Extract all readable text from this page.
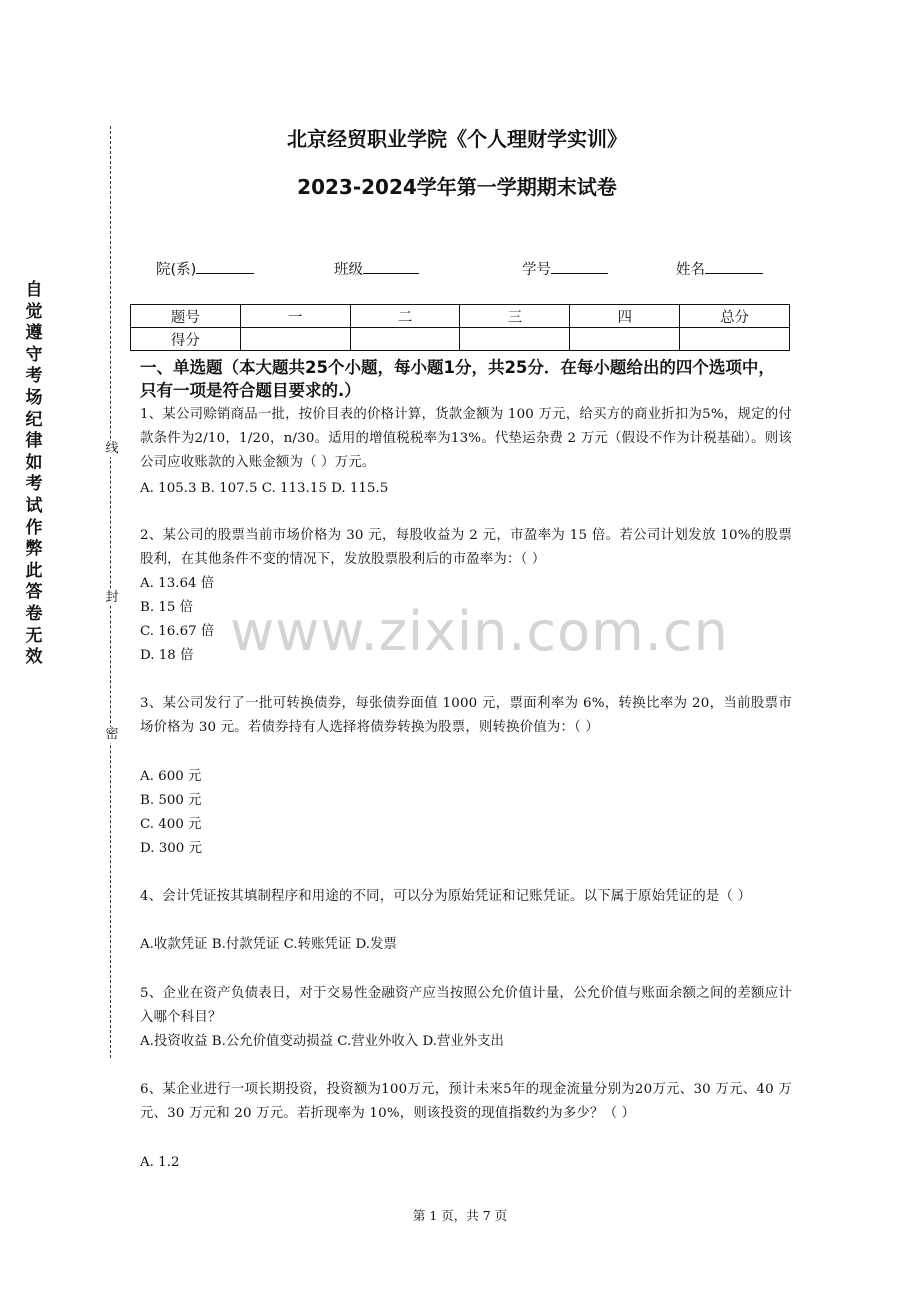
自觉遵守考场纪律如考试作弊此答卷无效
线
封
密
北京经贸职业学院《个人理财学实训》
2023-2024学年第一学期期末试卷
院(系)	班级	学号	姓名
题号	一	二	三	四	总分
得分					
一、单选题（本大题共25个小题，每小题1分，共25分．在每小题给出的四个选项中，只有一项是符合题目要求的.）
www.zixin.com.cn
1、某公司赊销商品一批，按价目表的价格计算，货款金额为 100 万元，给买方的商业折扣为5%，规定的付款条件为2/10，1/20，n/30。适用的增值税税率为13%。代垫运杂费 2 万元（假设不作为计税基础）。则该公司应收账款的入账金额为（ ）万元。
A. 105.3 B. 107.5 C. 113.15 D. 115.5
2、某公司的股票当前市场价格为 30 元，每股收益为 2 元，市盈率为 15 倍。若公司计划发放 10%的股票股利，在其他条件不变的情况下，发放股票股利后的市盈率为：（ ）
A. 13.64 倍
B. 15 倍
C. 16.67 倍
D. 18 倍
3、某公司发行了一批可转换债券，每张债券面值 1000 元，票面利率为 6%，转换比率为 20，当前股票市场价格为 30 元。若债券持有人选择将债券转换为股票，则转换价值为：（ ）
A. 600 元
B. 500 元
C. 400 元
D. 300 元
4、会计凭证按其填制程序和用途的不同，可以分为原始凭证和记账凭证。以下属于原始凭证的是（ ）
A.收款凭证 B.付款凭证 C.转账凭证 D.发票
5、企业在资产负债表日，对于交易性金融资产应当按照公允价值计量，公允价值与账面余额之间的差额应计入哪个科目？
A.投资收益 B.公允价值变动损益 C.营业外收入 D.营业外支出
6、某企业进行一项长期投资，投资额为100万元，预计未来5年的现金流量分别为20万元、30 万元、40 万元、30 万元和 20 万元。若折现率为 10%，则该投资的现值指数约为多少？（ ）
A. 1.2
第 1 页，共 7 页
